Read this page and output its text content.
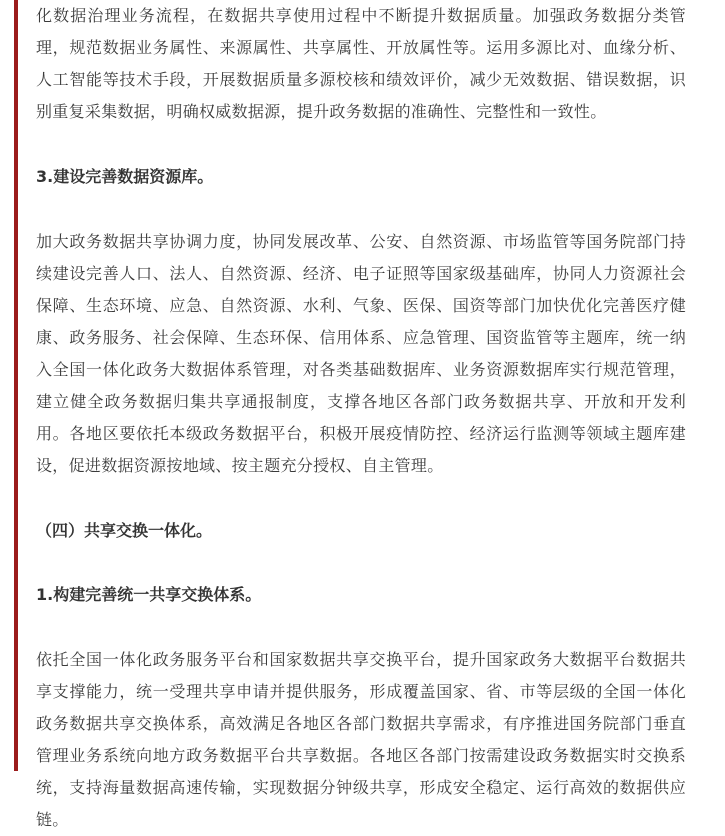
化数据治理业务流程，在数据共享使用过程中不断提升数据质量。加强政务数据分类管理，规范数据业务属性、来源属性、共享属性、开放属性等。运用多源比对、血缘分析、人工智能等技术手段，开展数据质量多源校核和绩效评价，减少无效数据、错误数据，识别重复采集数据，明确权威数据源，提升政务数据的准确性、完整性和一致性。

3.建设完善数据资源库。

加大政务数据共享协调力度，协同发展改革、公安、自然资源、市场监管等国务院部门持续建设完善人口、法人、自然资源、经济、电子证照等国家级基础库，协同人力资源社会保障、生态环境、应急、自然资源、水利、气象、医保、国资等部门加快优化完善医疗健康、政务服务、社会保障、生态环保、信用体系、应急管理、国资监管等主题库，统一纳入全国一体化政务大数据体系管理，对各类基础数据库、业务资源数据库实行规范管理，建立健全政务数据归集共享通报制度，支撑各地区各部门政务数据共享、开放和开发利用。各地区要依托本级政务数据平台，积极开展疫情防控、经济运行监测等领域主题库建设，促进数据资源按地域、按主题充分授权、自主管理。

（四）共享交换一体化。

1.构建完善统一共享交换体系。

依托全国一体化政务服务平台和国家数据共享交换平台，提升国家政务大数据平台数据共享支撑能力，统一受理共享申请并提供服务，形成覆盖国家、省、市等层级的全国一体化政务数据共享交换体系，高效满足各地区各部门数据共享需求，有序推进国务院部门垂直管理业务系统向地方政务数据平台共享数据。各地区各部门按需建设政务数据实时交换系统，支持海量数据高速传输，实现数据分钟级共享，形成安全稳定、运行高效的数据供应链。
